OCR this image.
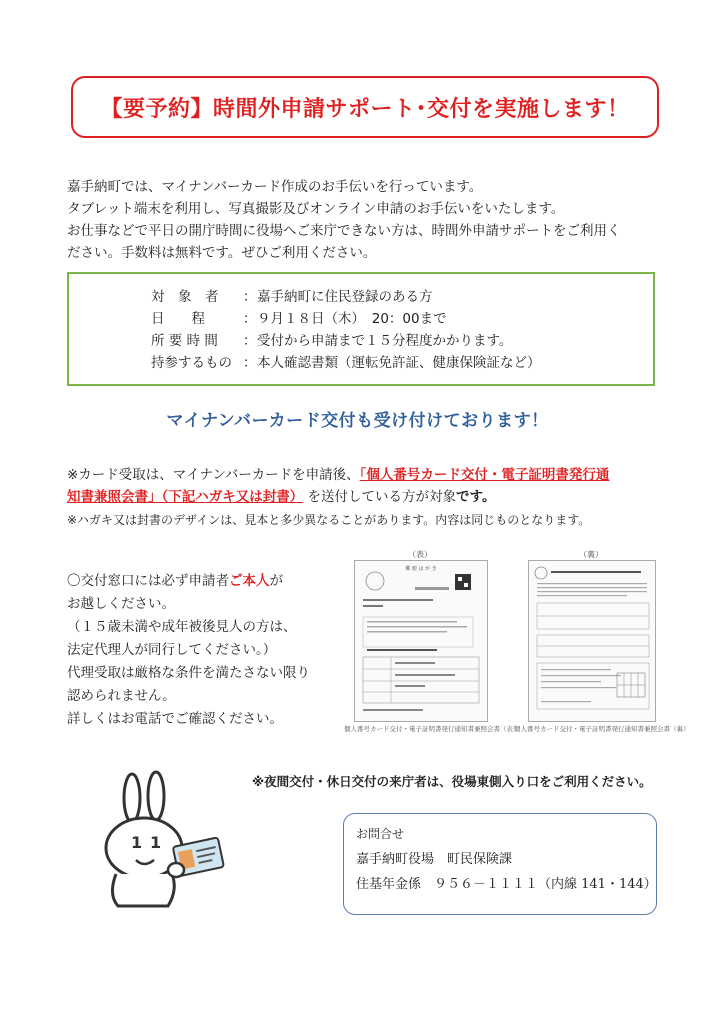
【要予約】時間外申請サポート･交付を実施します！
嘉手納町では、マイナンバーカード作成のお手伝いを行っています。
タブレット端末を利用し、写真撮影及びオンライン申請のお手伝いをいたします。
お仕事などで平日の開庁時間に役場へご来庁できない方は、時間外申請サポートをご利用く
ださい。手数料は無料です。ぜひご利用ください。
対　象　者	： 嘉手納町に住民登録のある方
日　　程	： ９月１８日（木）　20：00まで
所 要 時 間	： 受付から申請まで１５分程度かかります。
持参するもの ： 本人確認書類（運転免許証、健康保険証など）
マイナンバーカード交付も受け付けております！
※カード受取は、マイナンバーカードを申請後、「個人番号カード交付・電子証明書発行通
知書兼照会書」（下記ハガキ又は封書） を送付している方が対象です。
※ハガキ又は封書のデザインは、見本と多少異なることがあります。内容は同じものとなります。
〇交付窓口には必ず申請者ご本人が
お越しください。
（１５歳未満や成年被後見人の方は、
法定代理人が同行してください。）
代理受取は厳格な条件を満たさない限り
認められません。
詳しくはお電話でご確認ください。
（表）
郵 便 は が き
個人番号カード交付・電子証明書発行通知書兼照会書（表）
（裏）
個人番号カード交付・電子証明書発行通知書兼照会書（裏）
※夜間交付・休日交付の来庁者は、役場東側入り口をご利用ください。
1 1	お問合せ
嘉手納町役場　町民保険課
住基年金係　９５６－１１１１（内線 141・144）
